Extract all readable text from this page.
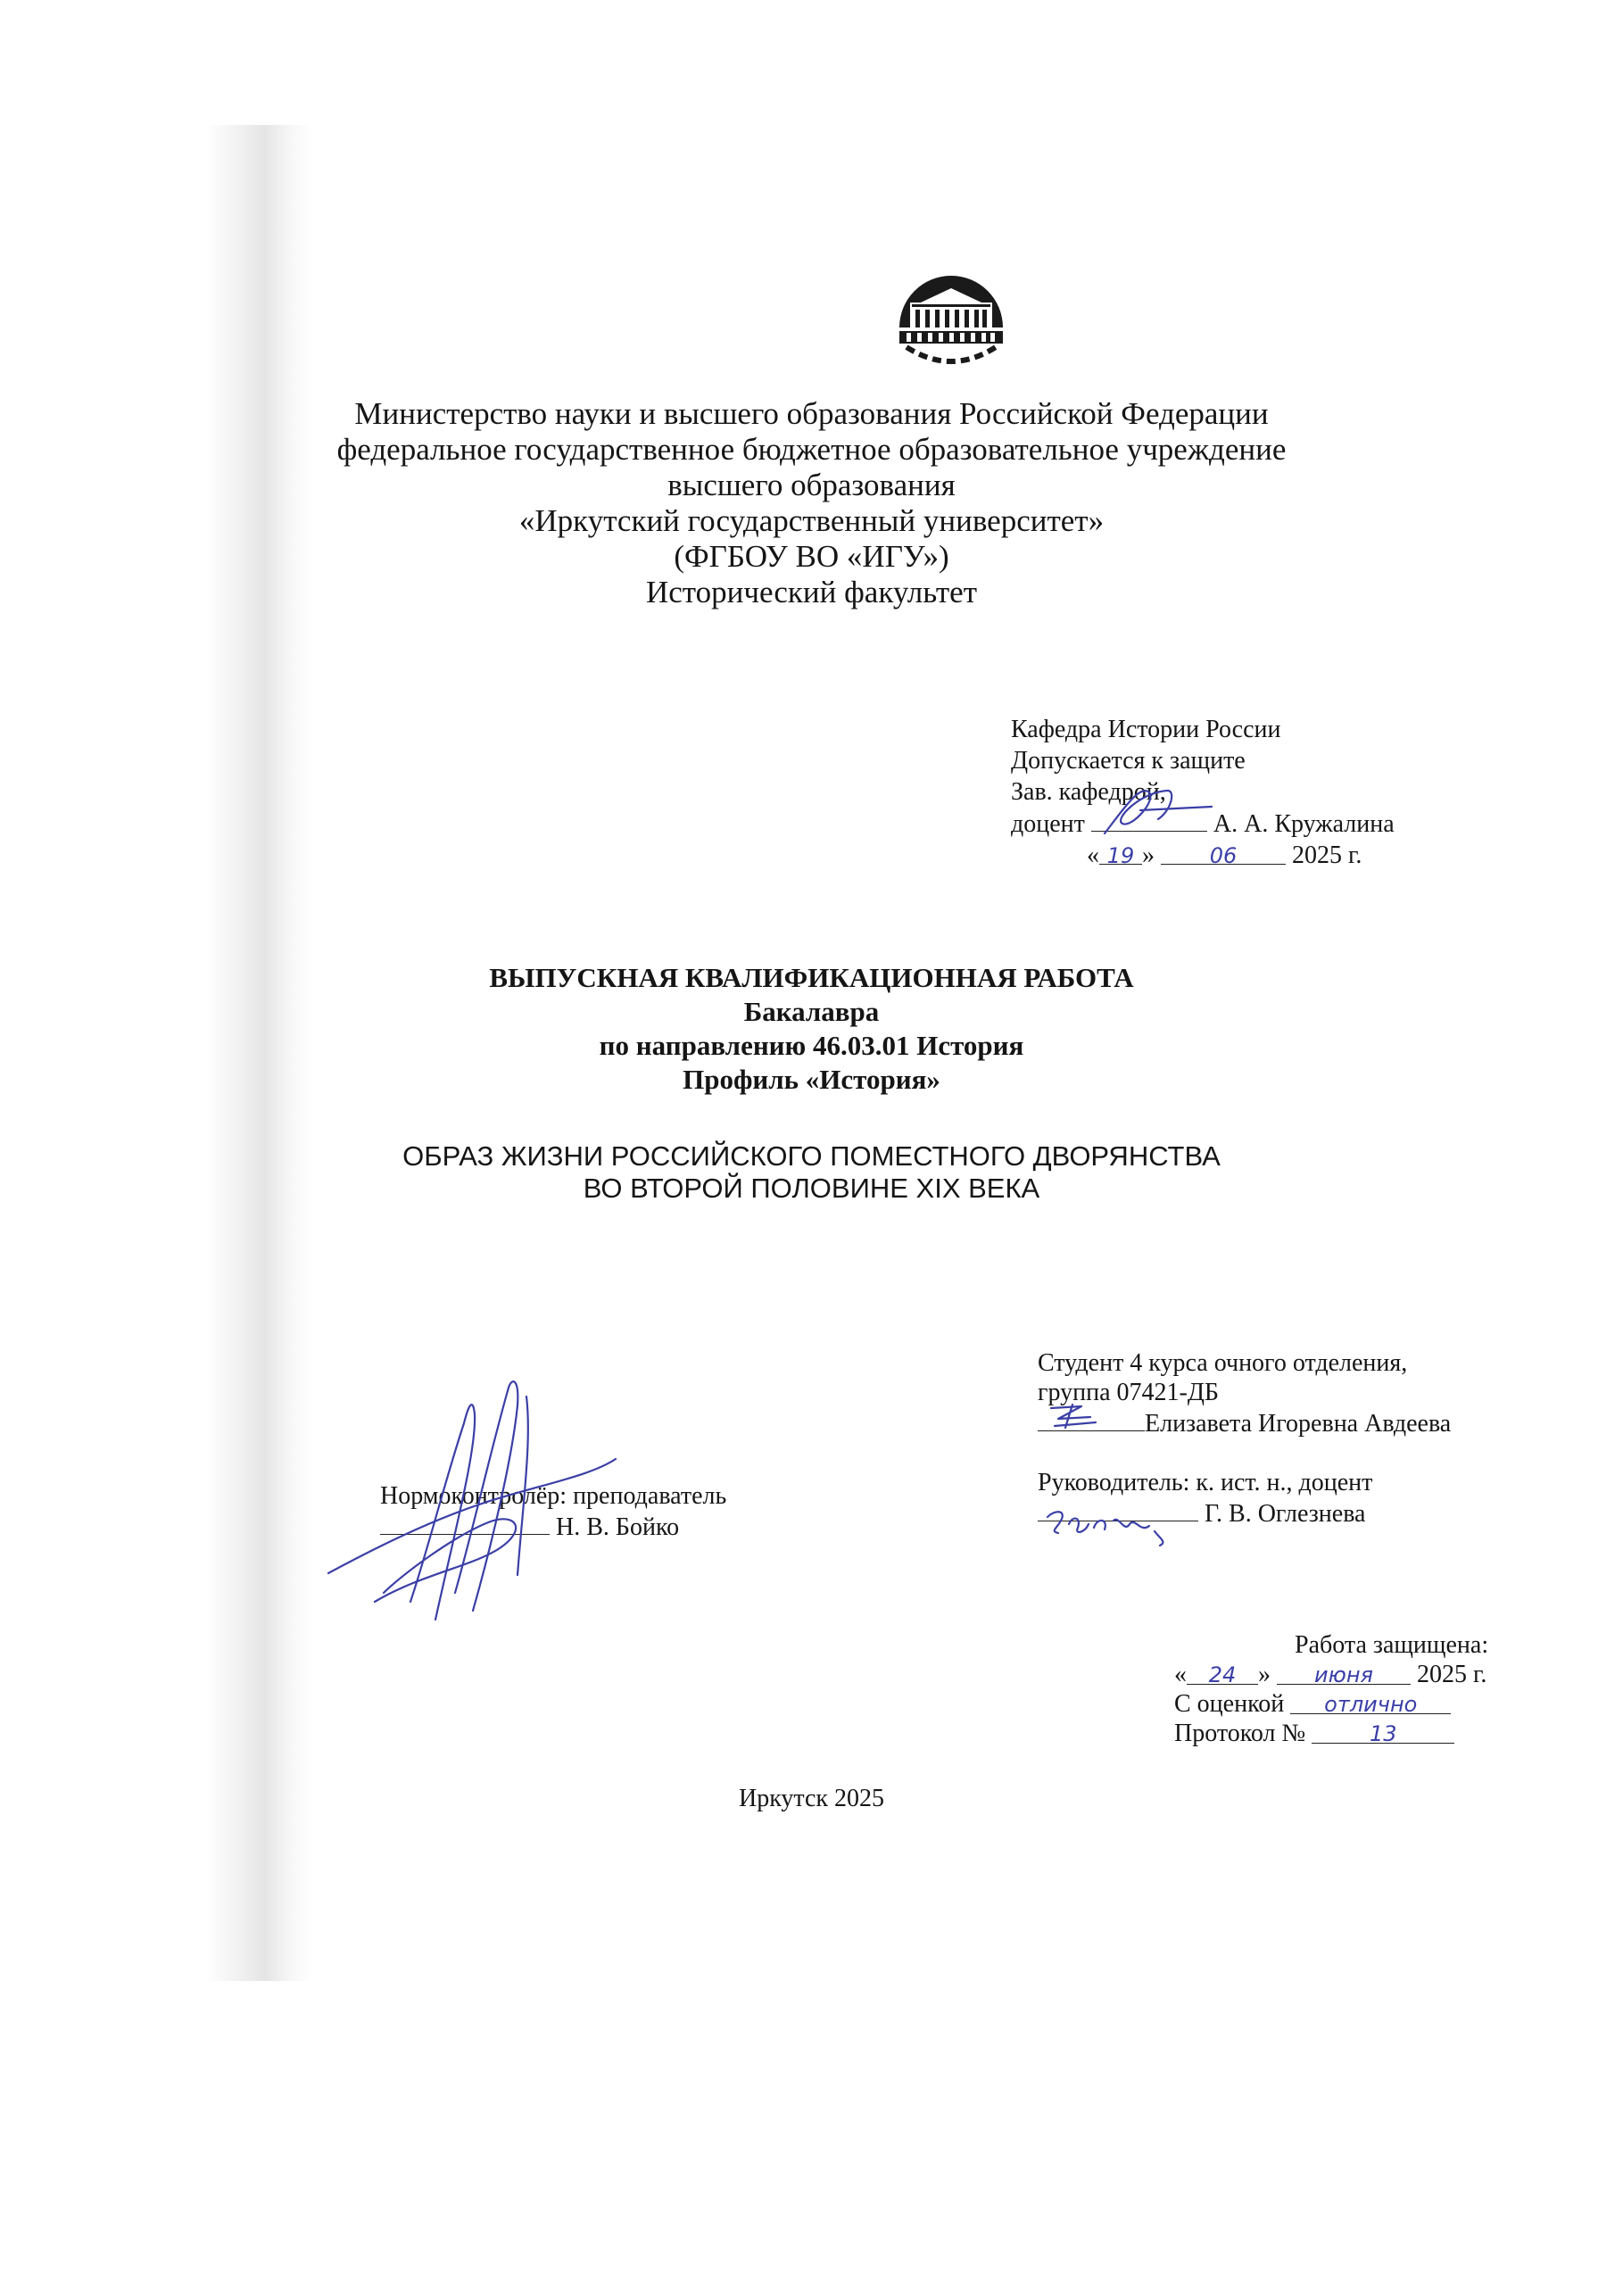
Министерство науки и высшего образования Российской Федерации
федеральное государственное бюджетное образовательное учреждение
высшего образования
«Иркутский государственный университет»
(ФГБОУ ВО «ИГУ»)
Исторический факультет
Кафедра Истории России
Допускается к защите
Зав. кафедрой,
доцент	А. А. Кружалина
« 19 »	06 2025 г.
ВЫПУСКНАЯ КВАЛИФИКАЦИОННАЯ РАБОТА
Бакалавра
по направлению 46.03.01 История
Профиль «История»
ОБРАЗ ЖИЗНИ РОССИЙСКОГО ПОМЕСТНОГО ДВОРЯНСТВА
ВО ВТОРОЙ ПОЛОВИНЕ XIX ВЕКА
Студент 4 курса очного отделения,
группа 07421-ДБ
Елизавета Игоревна Авдеева
Руководитель: к. ист. н., доцент
Г. В. Оглезнева
Нормоконтролёр: преподаватель
Н. В. Бойко
Работа защищена:
« 24 » июня 2025 г.
С оценкой отлично
Протокол №	13
Иркутск 2025
